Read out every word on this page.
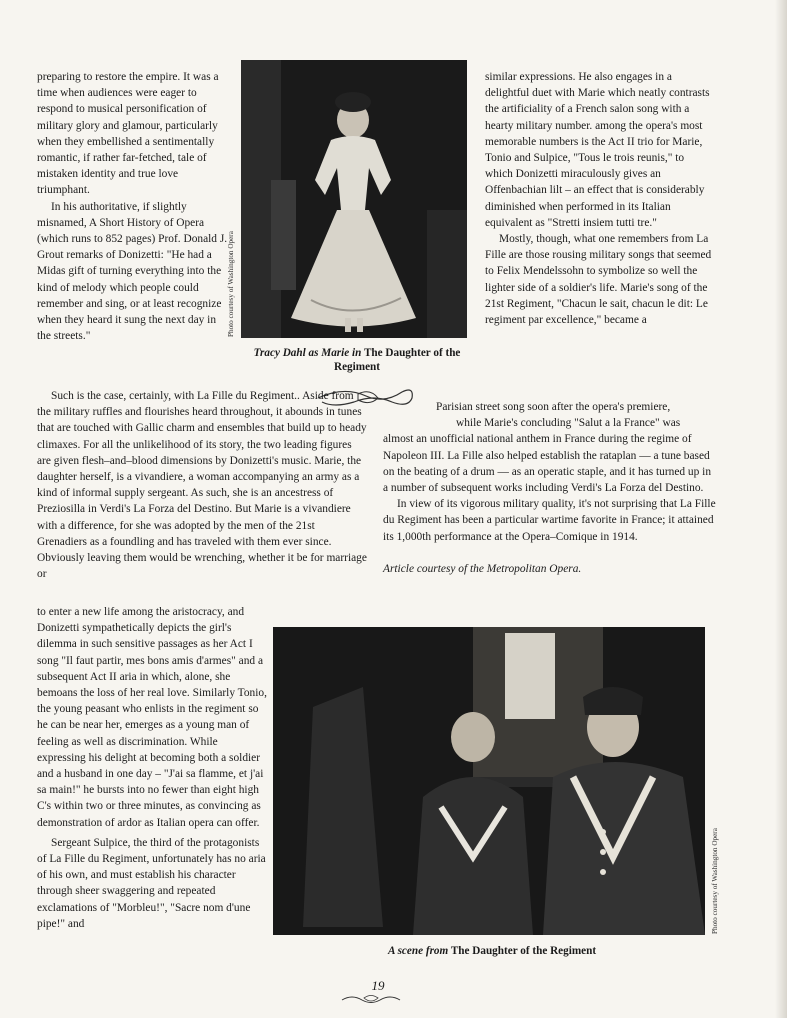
preparing to restore the empire. It was a time when audiences were eager to respond to musical personification of military glory and glamour, particularly when they embellished a sentimentally romantic, if rather far-fetched, tale of mistaken identity and true love triumphant.

In his authoritative, if slightly misnamed, A Short History of Opera (which runs to 852 pages) Prof. Donald J. Grout remarks of Donizetti: "He had a Midas gift of turning everything into the kind of melody which people could remember and sing, or at least recognize when they heard it sung the next day in the streets."	Photo courtesy of Washington Opera
Tracy Dahl as Marie in The Daughter of the Regiment

Such is the case, certainly, with La Fille du Regiment.. Aside from the military ruffles and flourishes heard throughout, it abounds in tunes that are touched with Gallic charm and ensembles that build up to heady climaxes. For all the unlikelihood of its story, the two leading figures are given flesh–and–blood dimensions by Donizetti's music. Marie, the daughter herself, is a vivandiere, a woman accompanying an army as a kind of informal supply sergeant. As such, she is an ancestress of Preziosilla in Verdi's La Forza del Destino. But Marie is a vivandiere with a difference, for she was adopted by the men of the 21st Grenadiers as a foundling and has traveled with them ever since. Obviously leaving them would be wrenching, whether it be for marriage or

to enter a new life among the aristocracy, and Donizetti sympathetically depicts the girl's dilemma in such sensitive passages as her Act I song "Il faut partir, mes bons amis d'armes" and a subsequent Act II aria in which, alone, she bemoans the loss of her real love. Similarly Tonio, the young peasant who enlists in the regiment so he can be near her, emerges as a young man of feeling as well as discrimination. While expressing his delight at becoming both a soldier and a husband in one day – "J'ai sa flamme, et j'ai sa main!" he bursts into no fewer than eight high C's within two or three minutes, as convincing as demonstration of ardor as Italian opera can offer.

Sergeant Sulpice, the third of the protagonists of La Fille du Regiment, unfortunately has no aria of his own, and must establish his character through sheer swaggering and repeated exclamations of "Morbleu!", "Sacre nom d'une pipe!" and

similar expressions. He also engages in a delightful duet with Marie which neatly contrasts the artificiality of a French salon song with a hearty military number. among the opera's most memorable numbers is the Act II trio for Marie, Tonio and Sulpice, "Tous le trois reunis," to which Donizetti miraculously gives an Offenbachian lilt – an effect that is considerably diminished when performed in its Italian equivalent as "Stretti insiem tutti tre."

Mostly, though, what one remembers from La Fille are those rousing military songs that seemed to Felix Mendelssohn to symbolize so well the lighter side of a soldier's life. Marie's song of the 21st Regiment, "Chacun le sait, chacun le dit: Le regiment par excellence," became a

Parisian street song soon after the opera's premiere,

while Marie's concluding "Salut a la France" was

almost an unofficial national anthem in France during the regime of Napoleon III. La Fille also helped establish the rataplan — a tune based on the beating of a drum — as an operatic staple, and it has turned up in a number of subsequent works including Verdi's La Forza del Destino.

In view of its vigorous military quality, it's not surprising that La Fille du Regiment has been a particular wartime favorite in France; it attained its 1,000th performance at the Opera–Comique in 1914.

Article courtesy of the Metropolitan Opera.

Photo courtesy of Washington Opera
A scene from The Daughter of the Regiment
19
